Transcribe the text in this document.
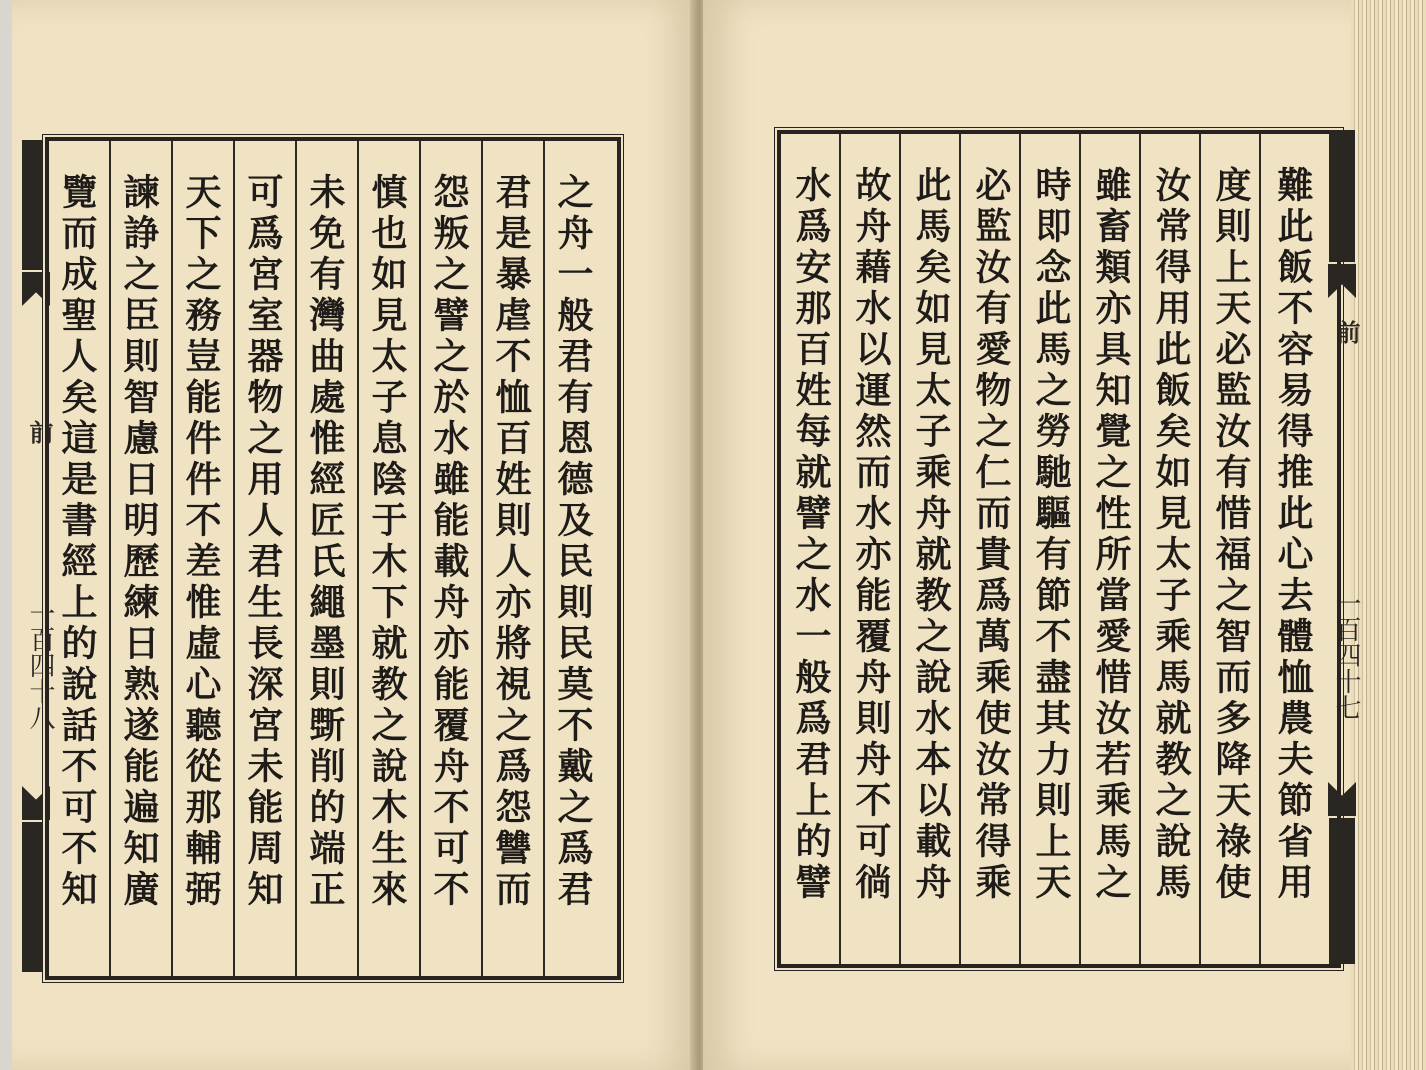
前
一百四十八	之舟一般君有恩德及民則民莫不戴之爲君
君是暴虐不恤百姓則人亦將視之爲怨讐而
怨叛之譬之於水雖能載舟亦能覆舟不可不
慎也如見太子息陰于木下就教之說木生來
未免有灣曲處惟經匠氏繩墨則斲削的端正
可爲宮室器物之用人君生長深宮未能周知
天下之務豈能件件不差惟虛心聽從那輔弼
諫諍之臣則智慮日明歷練日熟遂能遍知廣
覽而成聖人矣這是書經上的說話不可不知	難此飯不容易得推此心去體恤農夫節省用
度則上天必監汝有惜福之智而多降天祿使
汝常得用此飯矣如見太子乘馬就教之說馬
雖畜類亦具知覺之性所當愛惜汝若乘馬之
時即念此馬之勞馳驅有節不盡其力則上天
必監汝有愛物之仁而貴爲萬乘使汝常得乘
此馬矣如見太子乘舟就教之說水本以載舟
故舟藉水以運然而水亦能覆舟則舟不可徜
水爲安那百姓每就譬之水一般爲君上的譬	前
一百四十七
